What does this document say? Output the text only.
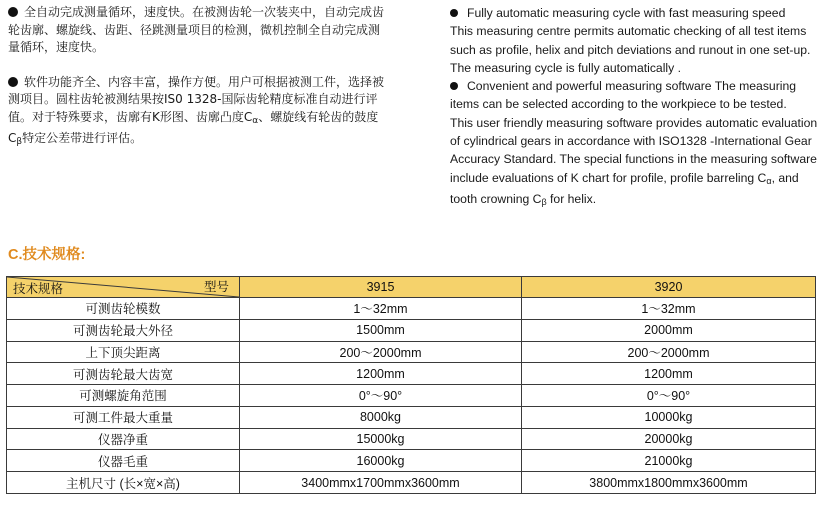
全自动完成测量循环，速度快。在被测齿轮一次装夹中，自动完成齿轮齿廓、螺旋线、齿距、径跳测量项目的检测，微机控制全自动完成测量循环，速度快。

软件功能齐全、内容丰富，操作方便。用户可根据被测工件，选择被测项目。圆柱齿轮被测结果按IS0 1328-国际齿轮精度标准自动进行评值。对于特殊要求，齿廓有K形图、齿廓凸度$C_\alpha$、螺旋线有轮齿的鼓度$C_\beta$特定公差带进行评估。

Fully automatic measuring cycle with fast measuring speed
This measuring centre permits automatic checking of all test items such as profile, helix and pitch deviations and runout in one set-up.
The measuring cycle is fully automatically .

Convenient and powerful measuring software The measuring items can be selected according to the workpiece to be tested.
This user friendly measuring software provides automatic evaluation of cylindrical gears in accordance with ISO1328 -International Gear Accuracy Standard. The special functions in the measuring software include evaluations of K chart for profile, profile barreling $C_\alpha$, and tooth crowning $C_\beta$ for helix.

C.技术规格:
型号
技术规格	3915	3920
可测齿轮模数	1～32mm	1～32mm
可测齿轮最大外径	1500mm	2000mm
上下顶尖距离	200～2000mm	200～2000mm
可测齿轮最大齿宽	1200mm	1200mm
可测螺旋角范围	0°～90°	0°～90°
可测工件最大重量	8000kg	10000kg
仪器净重	15000kg	20000kg
仪器毛重	16000kg	21000kg
主机尺寸 (长×宽×高)	3400mmx1700mmx3600mm	3800mmx1800mmx3600mm
